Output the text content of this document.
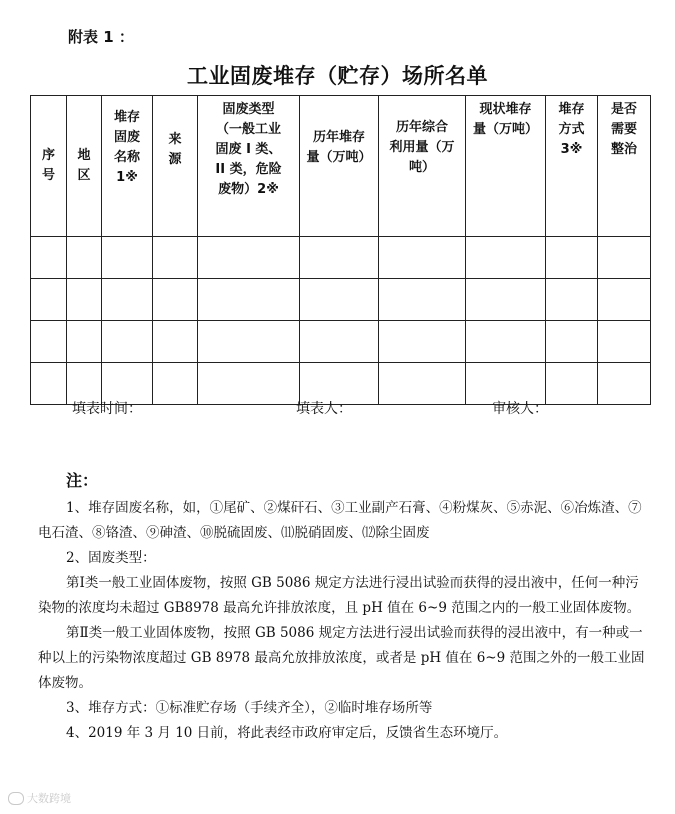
附表 1 ：
工业固废堆存（贮存）场所名单
序
号	地
区	堆存
固废
名称
1※	来
源	固废类型
（一般工业
固废 I 类、
II 类，危险
废物）2※	历年堆存
量（万吨）	历年综合
利用量（万
吨）	现状堆存
量（万吨）	堆存
方式
3※	是否
需要
整治

填表时间：	填表人：	审核人：
注：

1、堆存固废名称，如，①尾矿、②煤矸石、③工业副产石膏、④粉煤灰、⑤赤泥、⑥冶炼渣、⑦电石渣、⑧铬渣、⑨砷渣、⑩脱硫固废、⑾脱硝固废、⑿除尘固废

2、固废类型：

第Ⅰ类一般工业固体废物，按照 GB 5086 规定方法进行浸出试验而获得的浸出液中，任何一种污染物的浓度均未超过 GB8978 最高允许排放浓度，且 pH 值在 6~9 范围之内的一般工业固体废物。

第Ⅱ类一般工业固体废物，按照 GB 5086 规定方法进行浸出试验而获得的浸出液中，有一种或一种以上的污染物浓度超过 GB 8978 最高允放排放浓度，或者是 pH 值在 6~9 范围之外的一般工业固体废物。

3、堆存方式：①标准贮存场（手续齐全），②临时堆存场所等

4、2019 年 3 月 10 日前，将此表经市政府审定后，反馈省生态环境厅。

大数跨境
